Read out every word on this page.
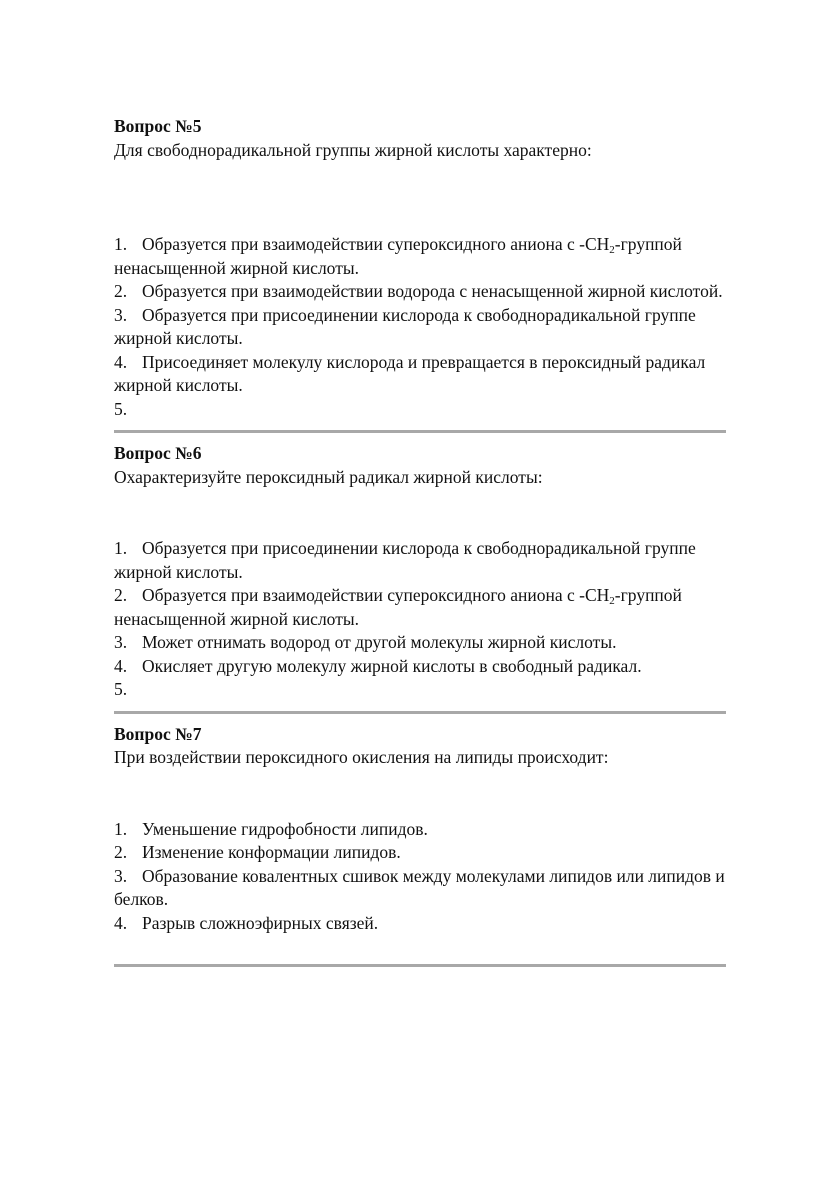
Вопрос №5

Для свободнорадикальной группы жирной кислоты характерно:

1. Образуется при взаимодействии супероксидного аниона с $-CH_2$-группой ненасыщенной жирной кислоты.
2. Образуется при взаимодействии водорода с ненасыщенной жирной кислотой.
3. Образуется при присоединении кислорода к свободнорадикальной группе жирной кислоты.
4. Присоединяет молекулу кислорода и превращается в пероксидный радикал жирной кислоты.
5.
Вопрос №6

Охарактеризуйте пероксидный радикал жирной кислоты:

1. Образуется при присоединении кислорода к свободнорадикальной группе жирной кислоты.
2. Образуется при взаимодействии супероксидного аниона с $-CH_2$-группой ненасыщенной жирной кислоты.
3. Может отнимать водород от другой молекулы жирной кислоты.
4. Окисляет другую молекулу жирной кислоты в свободный радикал.
5.
Вопрос №7

При воздействии пероксидного окисления на липиды происходит:

1. Уменьшение гидрофобности липидов.
2. Изменение конформации липидов.
3. Образование ковалентных сшивок между молекулами липидов или липидов и белков.
4. Разрыв сложноэфирных связей.
